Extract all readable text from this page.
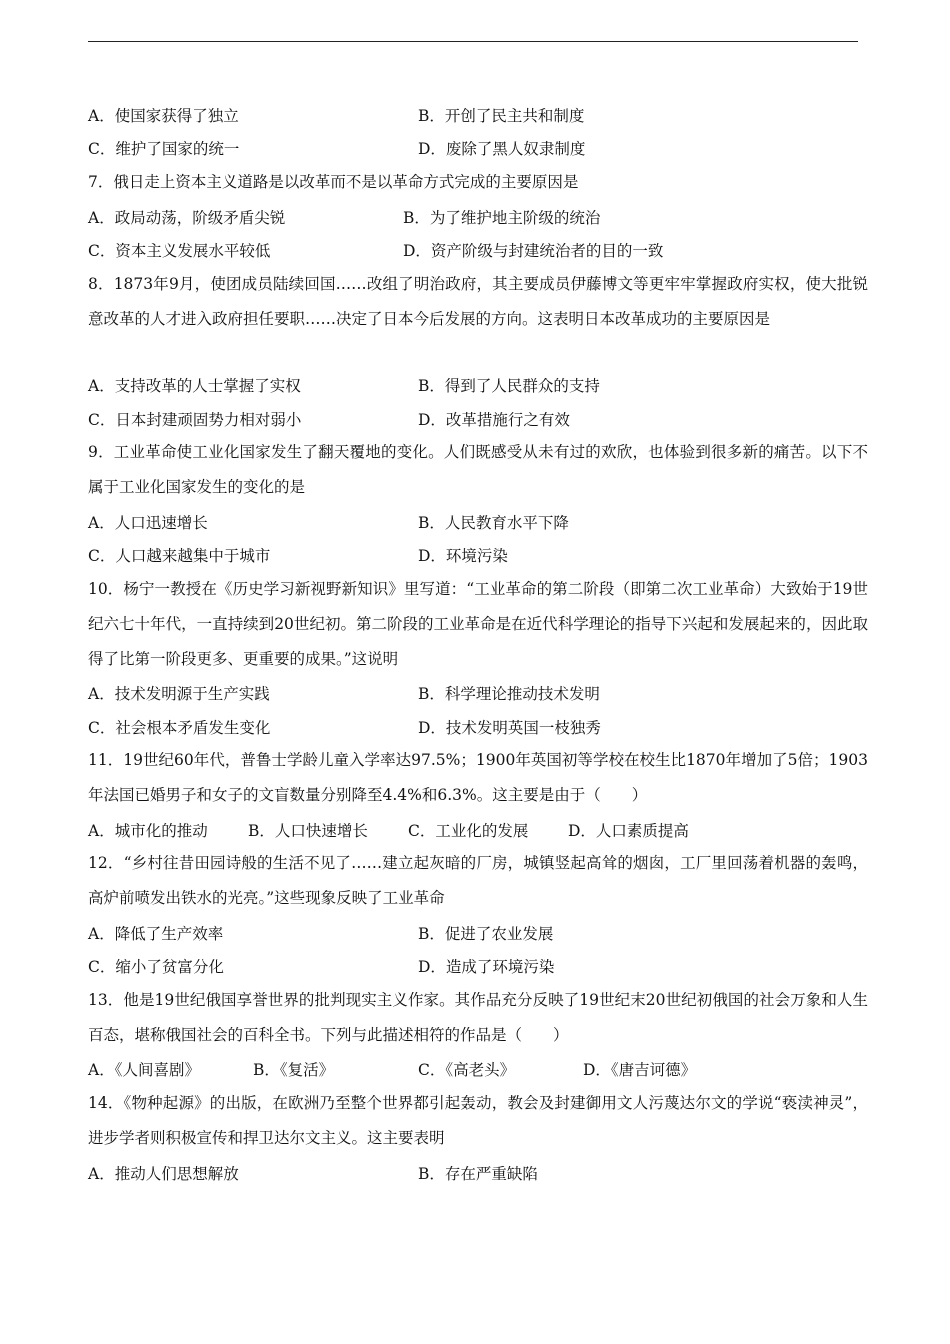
A．使国家获得了独立	B．开创了民主共和制度
C．维护了国家的统一	D．废除了黑人奴隶制度
7．俄日走上资本主义道路是以改革而不是以革命方式完成的主要原因是
A．政局动荡，阶级矛盾尖锐	B．为了维护地主阶级的统治
C．资本主义发展水平较低	D．资产阶级与封建统治者的目的一致
8．1873年9月，使团成员陆续回国……改组了明治政府，其主要成员伊藤博文等更牢牢掌握政府实权，使大批锐意改革的人才进入政府担任要职……决定了日本今后发展的方向。这表明日本改革成功的主要原因是
A．支持改革的人士掌握了实权	B．得到了人民群众的支持
C．日本封建顽固势力相对弱小	D．改革措施行之有效
9．工业革命使工业化国家发生了翻天覆地的变化。人们既感受从未有过的欢欣，也体验到很多新的痛苦。以下不属于工业化国家发生的变化的是
A．人口迅速增长	B．人民教育水平下降
C．人口越来越集中于城市	D．环境污染
10．杨宁一教授在《历史学习新视野新知识》里写道：“工业革命的第二阶段（即第二次工业革命）大致始于19世纪六七十年代，一直持续到20世纪初。第二阶段的工业革命是在近代科学理论的指导下兴起和发展起来的，因此取得了比第一阶段更多、更重要的成果。”这说明
A．技术发明源于生产实践	B．科学理论推动技术发明
C．社会根本矛盾发生变化	D．技术发明英国一枝独秀
11．19世纪60年代，普鲁士学龄儿童入学率达97.5%；1900年英国初等学校在校生比1870年增加了5倍；1903年法国已婚男子和女子的文盲数量分别降至4.4%和6.3%。这主要是由于（　　）
A．城市化的推动	B．人口快速增长	C．工业化的发展	D．人口素质提高
12．“乡村往昔田园诗般的生活不见了……建立起灰暗的厂房，城镇竖起高耸的烟囱，工厂里回荡着机器的轰鸣，高炉前喷发出铁水的光亮。”这些现象反映了工业革命
A．降低了生产效率	B．促进了农业发展
C．缩小了贫富分化	D．造成了环境污染
13．他是19世纪俄国享誉世界的批判现实主义作家。其作品充分反映了19世纪末20世纪初俄国的社会万象和人生百态，堪称俄国社会的百科全书。下列与此描述相符的作品是（　　）
A．《人间喜剧》	B．《复活》	C．《高老头》	D．《唐吉诃德》
14．《物种起源》的出版，在欧洲乃至整个世界都引起轰动，教会及封建御用文人污蔑达尔文的学说“亵渎神灵”，进步学者则积极宣传和捍卫达尔文主义。这主要表明
A．推动人们思想解放	B．存在严重缺陷
